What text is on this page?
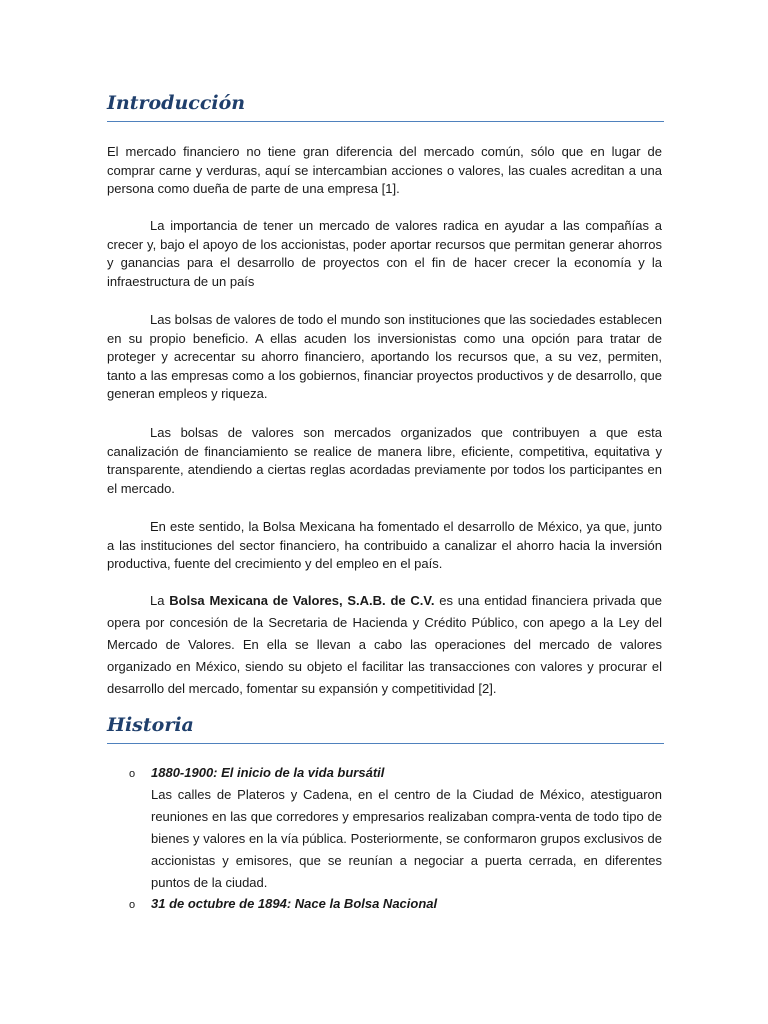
Introducción

El mercado financiero no tiene gran diferencia del mercado común, sólo que en lugar de comprar carne y verduras, aquí se intercambian acciones o valores, las cuales acreditan a una persona como dueña de parte de una empresa [1].

La importancia de tener un mercado de valores radica en ayudar a las compañías a crecer y, bajo el apoyo de los accionistas, poder aportar recursos que permitan generar ahorros y ganancias para el desarrollo de proyectos con el fin de hacer crecer la economía y la infraestructura de un país

Las bolsas de valores de todo el mundo son instituciones que las sociedades establecen en su propio beneficio. A ellas acuden los inversionistas como una opción para tratar de proteger y acrecentar su ahorro financiero, aportando los recursos que, a su vez, permiten, tanto a las empresas como a los gobiernos, financiar proyectos productivos y de desarrollo, que generan empleos y riqueza.

Las bolsas de valores son mercados organizados que contribuyen a que esta canalización de financiamiento se realice de manera libre, eficiente, competitiva, equitativa y transparente, atendiendo a ciertas reglas acordadas previamente por todos los participantes en el mercado.

En este sentido, la Bolsa Mexicana ha fomentado el desarrollo de México, ya que, junto a las instituciones del sector financiero, ha contribuido a canalizar el ahorro hacia la inversión productiva, fuente del crecimiento y del empleo en el país.

La Bolsa Mexicana de Valores, S.A.B. de C.V. es una entidad financiera privada que opera por concesión de la Secretaria de Hacienda y Crédito Público, con apego a la Ley del Mercado de Valores. En ella se llevan a cabo las operaciones del mercado de valores organizado en México, siendo su objeto el facilitar las transacciones con valores y procurar el desarrollo del mercado, fomentar su expansión y competitividad [2].

Historia
o 1880-1900: El inicio de la vida bursátil

Las calles de Plateros y Cadena, en el centro de la Ciudad de México, atestiguaron reuniones en las que corredores y empresarios realizaban compra-venta de todo tipo de bienes y valores en la vía pública. Posteriormente, se conformaron grupos exclusivos de accionistas y emisores, que se reunían a negociar a puerta cerrada, en diferentes puntos de la ciudad.

o 31 de octubre de 1894: Nace la Bolsa Nacional
